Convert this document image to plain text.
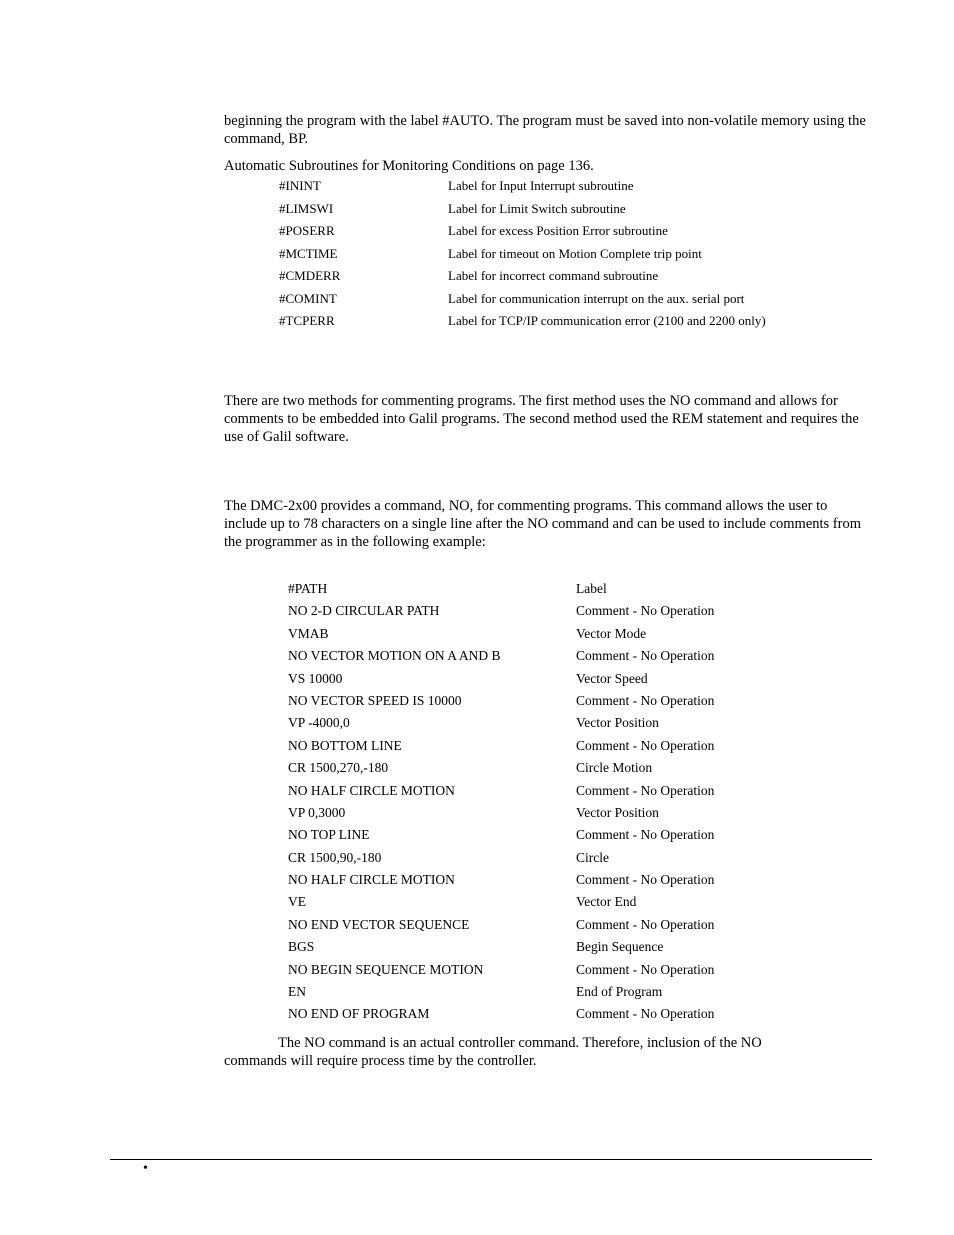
beginning the program with the label #AUTO. The program must be saved into non-volatile memory using the command, BP.

Automatic Subroutines for Monitoring Conditions on page 136.

#ININT	Label for Input Interrupt subroutine
#LIMSWI	Label for Limit Switch subroutine
#POSERR	Label for excess Position Error subroutine
#MCTIME	Label for timeout on Motion Complete trip point
#CMDERR	Label for incorrect command subroutine
#COMINT	Label for communication interrupt on the aux. serial port
#TCPERR	Label for TCP/IP communication error (2100 and 2200 only)

There are two methods for commenting programs. The first method uses the NO command and allows for comments to be embedded into Galil programs. The second method used the REM statement and requires the use of Galil software.

The DMC-2x00 provides a command, NO, for commenting programs. This command allows the user to include up to 78 characters on a single line after the NO command and can be used to include comments from the programmer as in the following example:

#PATH	Label
NO 2-D CIRCULAR PATH	Comment - No Operation
VMAB	Vector Mode
NO VECTOR MOTION ON A AND B	Comment - No Operation
VS 10000	Vector Speed
NO VECTOR SPEED IS 10000	Comment - No Operation
VP -4000,0	Vector Position
NO BOTTOM LINE	Comment - No Operation
CR 1500,270,-180	Circle Motion
NO HALF CIRCLE MOTION	Comment - No Operation
VP 0,3000	Vector Position
NO TOP LINE	Comment - No Operation
CR 1500,90,-180	Circle
NO HALF CIRCLE MOTION	Comment - No Operation
VE	Vector End
NO END VECTOR SEQUENCE	Comment - No Operation
BGS	Begin Sequence
NO BEGIN SEQUENCE MOTION	Comment - No Operation
EN	End of Program
NO END OF PROGRAM	Comment - No Operation

The NO command is an actual controller command. Therefore, inclusion of the NO commands will require process time by the controller.

•
